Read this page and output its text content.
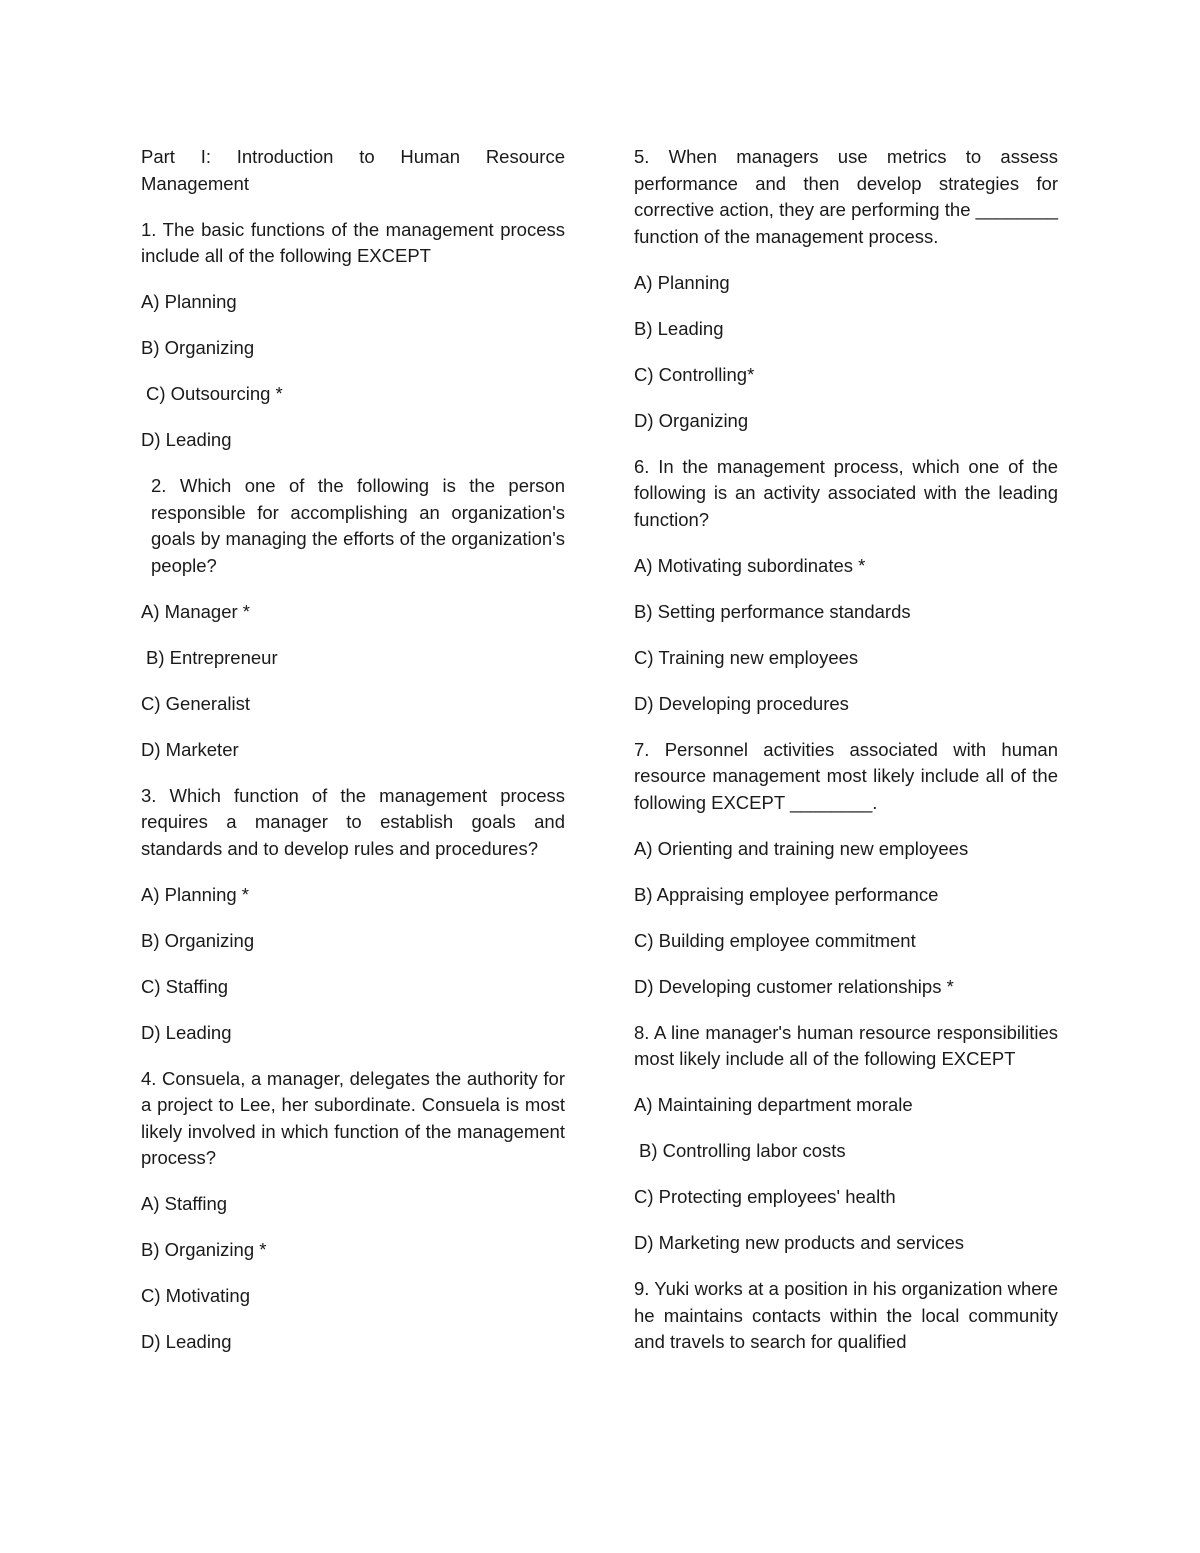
Part I: Introduction to Human Resource Management

1. The basic functions of the management process include all of the following EXCEPT

A) Planning

B) Organizing

C) Outsourcing *

D) Leading

2. Which one of the following is the person responsible for accomplishing an organization's goals by managing the efforts of the organization's people?

A) Manager *

B) Entrepreneur

C) Generalist

D) Marketer

3. Which function of the management process requires a manager to establish goals and standards and to develop rules and procedures?

A) Planning *

B) Organizing

C) Staffing

D) Leading

4. Consuela, a manager, delegates the authority for a project to Lee, her subordinate. Consuela is most likely involved in which function of the management process?

A) Staffing

B) Organizing *

C) Motivating

D) Leading

5. When managers use metrics to assess performance and then develop strategies for corrective action, they are performing the ________ function of the management process.

A) Planning

B) Leading

C) Controlling*

D) Organizing

6. In the management process, which one of the following is an activity associated with the leading function?

A) Motivating subordinates *

B) Setting performance standards

C) Training new employees

D) Developing procedures

7. Personnel activities associated with human resource management most likely include all of the following EXCEPT ________.

A) Orienting and training new employees

B) Appraising employee performance

C) Building employee commitment

D) Developing customer relationships *

8. A line manager's human resource responsibilities most likely include all of the following EXCEPT

A) Maintaining department morale

B) Controlling labor costs

C) Protecting employees' health

D) Marketing new products and services

9. Yuki works at a position in his organization where he maintains contacts within the local community and travels to search for qualified
